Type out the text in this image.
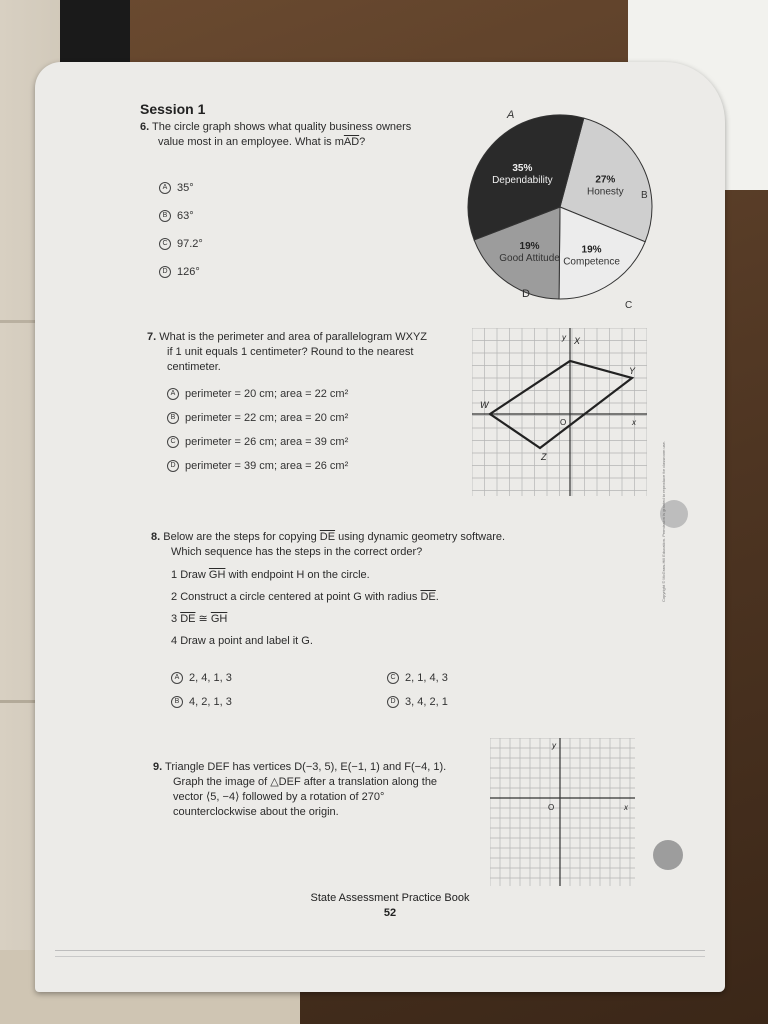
Session 1
6. The circle graph shows what quality business owners
value most in an employee. What is $m\overline{AD}$?
A 35°
B 63°
C 97.2°
D 126°
27%
Honesty
19%
Competence
19%
Good Attitude
35%
Dependability
A
B
C
D
7. What is the perimeter and area of parallelogram WXYZ
if 1 unit equals 1 centimeter? Round to the nearest
centimeter.
A perimeter = 20 cm; area = 22 cm²
B perimeter = 22 cm; area = 20 cm²
C perimeter = 26 cm; area = 39 cm²
D perimeter = 39 cm; area = 26 cm²
W
X
Y
Z
O	x
y
8. Below are the steps for copying $\overline{DE}$ using dynamic geometry software.
Which sequence has the steps in the correct order?
1 Draw $\overline{GH}$ with endpoint H on the circle.
2 Construct a circle centered at point G with radius $\overline{DE}$.
3 $\overline{DE}$ ≅ $\overline{GH}$
4 Draw a point and label it G.
A 2, 4, 1, 3
B 4, 2, 1, 3
C 2, 1, 4, 3
D 3, 4, 2, 1
9. Triangle DEF has vertices D(−3, 5), E(−1, 1) and F(−4, 1).
Graph the image of △DEF after a translation along the
vector ⟨5, −4⟩ followed by a rotation of 270°
counterclockwise about the origin.	O	x
y
State Assessment Practice Book
52
Copyright © McGraw-Hill Education. Permission is granted to reproduce for classroom use.
